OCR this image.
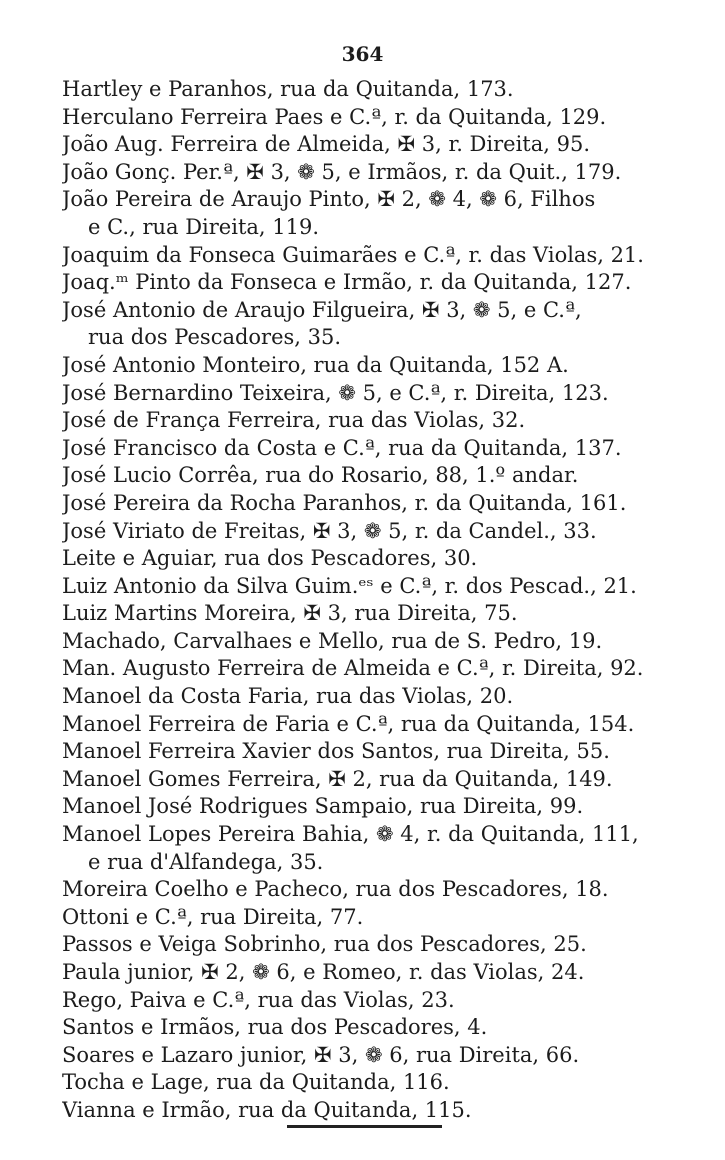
364
Hartley e Paranhos, rua da Quitanda, 173.
Herculano Ferreira Paes e C.ª, r. da Quitanda, 129.
João Aug. Ferreira de Almeida, ✠ 3, r. Direita, 95.
João Gonç. Per.ª, ✠ 3, ❁ 5, e Irmãos, r. da Quit., 179.
João Pereira de Araujo Pinto, ✠ 2, ❁ 4, ❁ 6, Filhos
e C., rua Direita, 119.
Joaquim da Fonseca Guimarães e C.ª, r. das Violas, 21.
Joaq.ᵐ Pinto da Fonseca e Irmão, r. da Quitanda, 127.
José Antonio de Araujo Filgueira, ✠ 3, ❁ 5, e C.ª,
rua dos Pescadores, 35.
José Antonio Monteiro, rua da Quitanda, 152 A.
José Bernardino Teixeira, ❁ 5, e C.ª, r. Direita, 123.
José de França Ferreira, rua das Violas, 32.
José Francisco da Costa e C.ª, rua da Quitanda, 137.
José Lucio Corrêa, rua do Rosario, 88, 1.º andar.
José Pereira da Rocha Paranhos, r. da Quitanda, 161.
José Viriato de Freitas, ✠ 3, ❁ 5, r. da Candel., 33.
Leite e Aguiar, rua dos Pescadores, 30.
Luiz Antonio da Silva Guim.ᵉˢ e C.ª, r. dos Pescad., 21.
Luiz Martins Moreira, ✠ 3, rua Direita, 75.
Machado, Carvalhaes e Mello, rua de S. Pedro, 19.
Man. Augusto Ferreira de Almeida e C.ª, r. Direita, 92.
Manoel da Costa Faria, rua das Violas, 20.
Manoel Ferreira de Faria e C.ª, rua da Quitanda, 154.
Manoel Ferreira Xavier dos Santos, rua Direita, 55.
Manoel Gomes Ferreira, ✠ 2, rua da Quitanda, 149.
Manoel José Rodrigues Sampaio, rua Direita, 99.
Manoel Lopes Pereira Bahia, ❁ 4, r. da Quitanda, 111,
e rua d'Alfandega, 35.
Moreira Coelho e Pacheco, rua dos Pescadores, 18.
Ottoni e C.ª, rua Direita, 77.
Passos e Veiga Sobrinho, rua dos Pescadores, 25.
Paula junior, ✠ 2, ❁ 6, e Romeo, r. das Violas, 24.
Rego, Paiva e C.ª, rua das Violas, 23.
Santos e Irmãos, rua dos Pescadores, 4.
Soares e Lazaro junior, ✠ 3, ❁ 6, rua Direita, 66.
Tocha e Lage, rua da Quitanda, 116.
Vianna e Irmão, rua da Quitanda, 115.
